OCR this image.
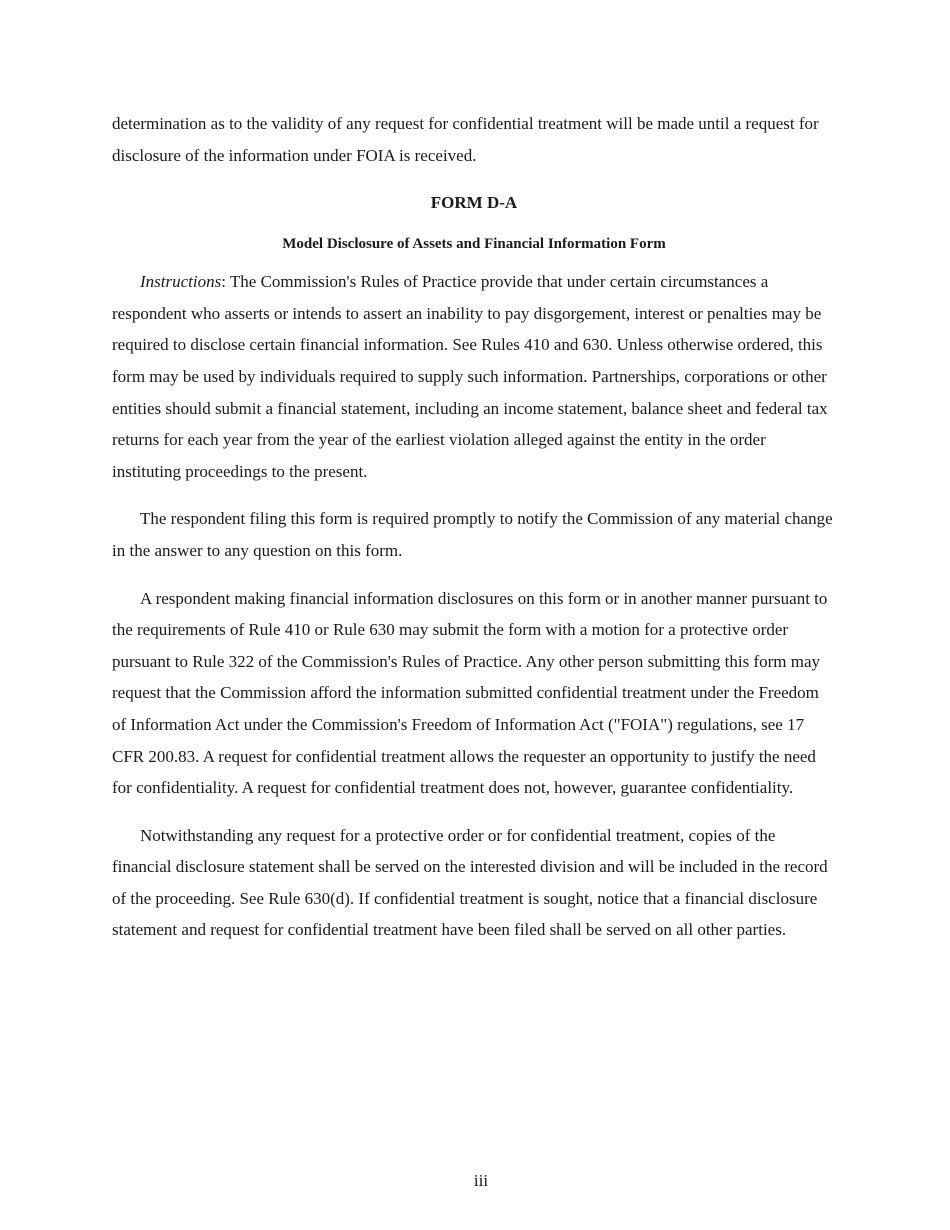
determination as to the validity of any request for confidential treatment will be made until a request for disclosure of the information under FOIA is received.

FORM D-A
Model Disclosure of Assets and Financial Information Form

Instructions: The Commission's Rules of Practice provide that under certain circumstances a respondent who asserts or intends to assert an inability to pay disgorgement, interest or penalties may be required to disclose certain financial information. See Rules 410 and 630. Unless otherwise ordered, this form may be used by individuals required to supply such information. Partnerships, corporations or other entities should submit a financial statement, including an income statement, balance sheet and federal tax returns for each year from the year of the earliest violation alleged against the entity in the order instituting proceedings to the present.

The respondent filing this form is required promptly to notify the Commission of any material change in the answer to any question on this form.

A respondent making financial information disclosures on this form or in another manner pursuant to the requirements of Rule 410 or Rule 630 may submit the form with a motion for a protective order pursuant to Rule 322 of the Commission's Rules of Practice. Any other person submitting this form may request that the Commission afford the information submitted confidential treatment under the Freedom of Information Act under the Commission's Freedom of Information Act ("FOIA") regulations, see 17 CFR 200.83. A request for confidential treatment allows the requester an opportunity to justify the need for confidentiality. A request for confidential treatment does not, however, guarantee confidentiality.

Notwithstanding any request for a protective order or for confidential treatment, copies of the financial disclosure statement shall be served on the interested division and will be included in the record of the proceeding. See Rule 630(d). If confidential treatment is sought, notice that a financial disclosure statement and request for confidential treatment have been filed shall be served on all other parties.

iii
